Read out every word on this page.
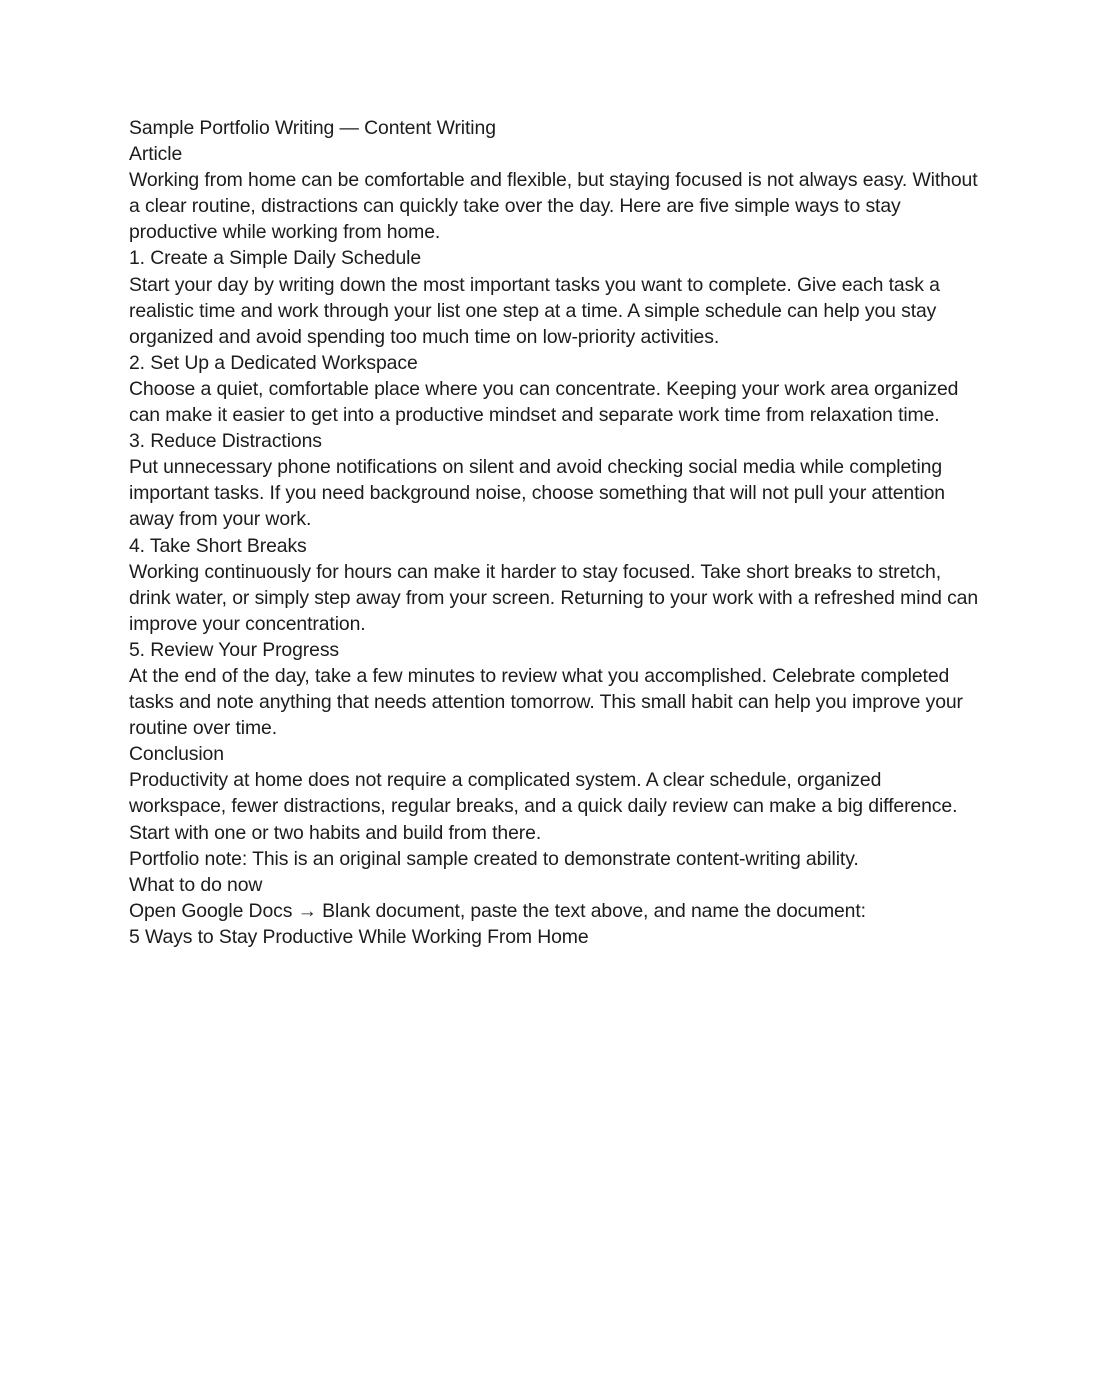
Sample Portfolio Writing — Content Writing

Article

Working from home can be comfortable and flexible, but staying focused is not always easy. Without a clear routine, distractions can quickly take over the day. Here are five simple ways to stay productive while working from home.

1. Create a Simple Daily Schedule

Start your day by writing down the most important tasks you want to complete. Give each task a realistic time and work through your list one step at a time. A simple schedule can help you stay organized and avoid spending too much time on low-priority activities.

2. Set Up a Dedicated Workspace

Choose a quiet, comfortable place where you can concentrate. Keeping your work area organized can make it easier to get into a productive mindset and separate work time from relaxation time.

3. Reduce Distractions

Put unnecessary phone notifications on silent and avoid checking social media while completing important tasks. If you need background noise, choose something that will not pull your attention away from your work.

4. Take Short Breaks

Working continuously for hours can make it harder to stay focused. Take short breaks to stretch, drink water, or simply step away from your screen. Returning to your work with a refreshed mind can improve your concentration.

5. Review Your Progress

At the end of the day, take a few minutes to review what you accomplished. Celebrate completed tasks and note anything that needs attention tomorrow. This small habit can help you improve your routine over time.

Conclusion

Productivity at home does not require a complicated system. A clear schedule, organized workspace, fewer distractions, regular breaks, and a quick daily review can make a big difference. Start with one or two habits and build from there.

Portfolio note: This is an original sample created to demonstrate content-writing ability.

What to do now

Open Google Docs → Blank document, paste the text above, and name the document:

5 Ways to Stay Productive While Working From Home
